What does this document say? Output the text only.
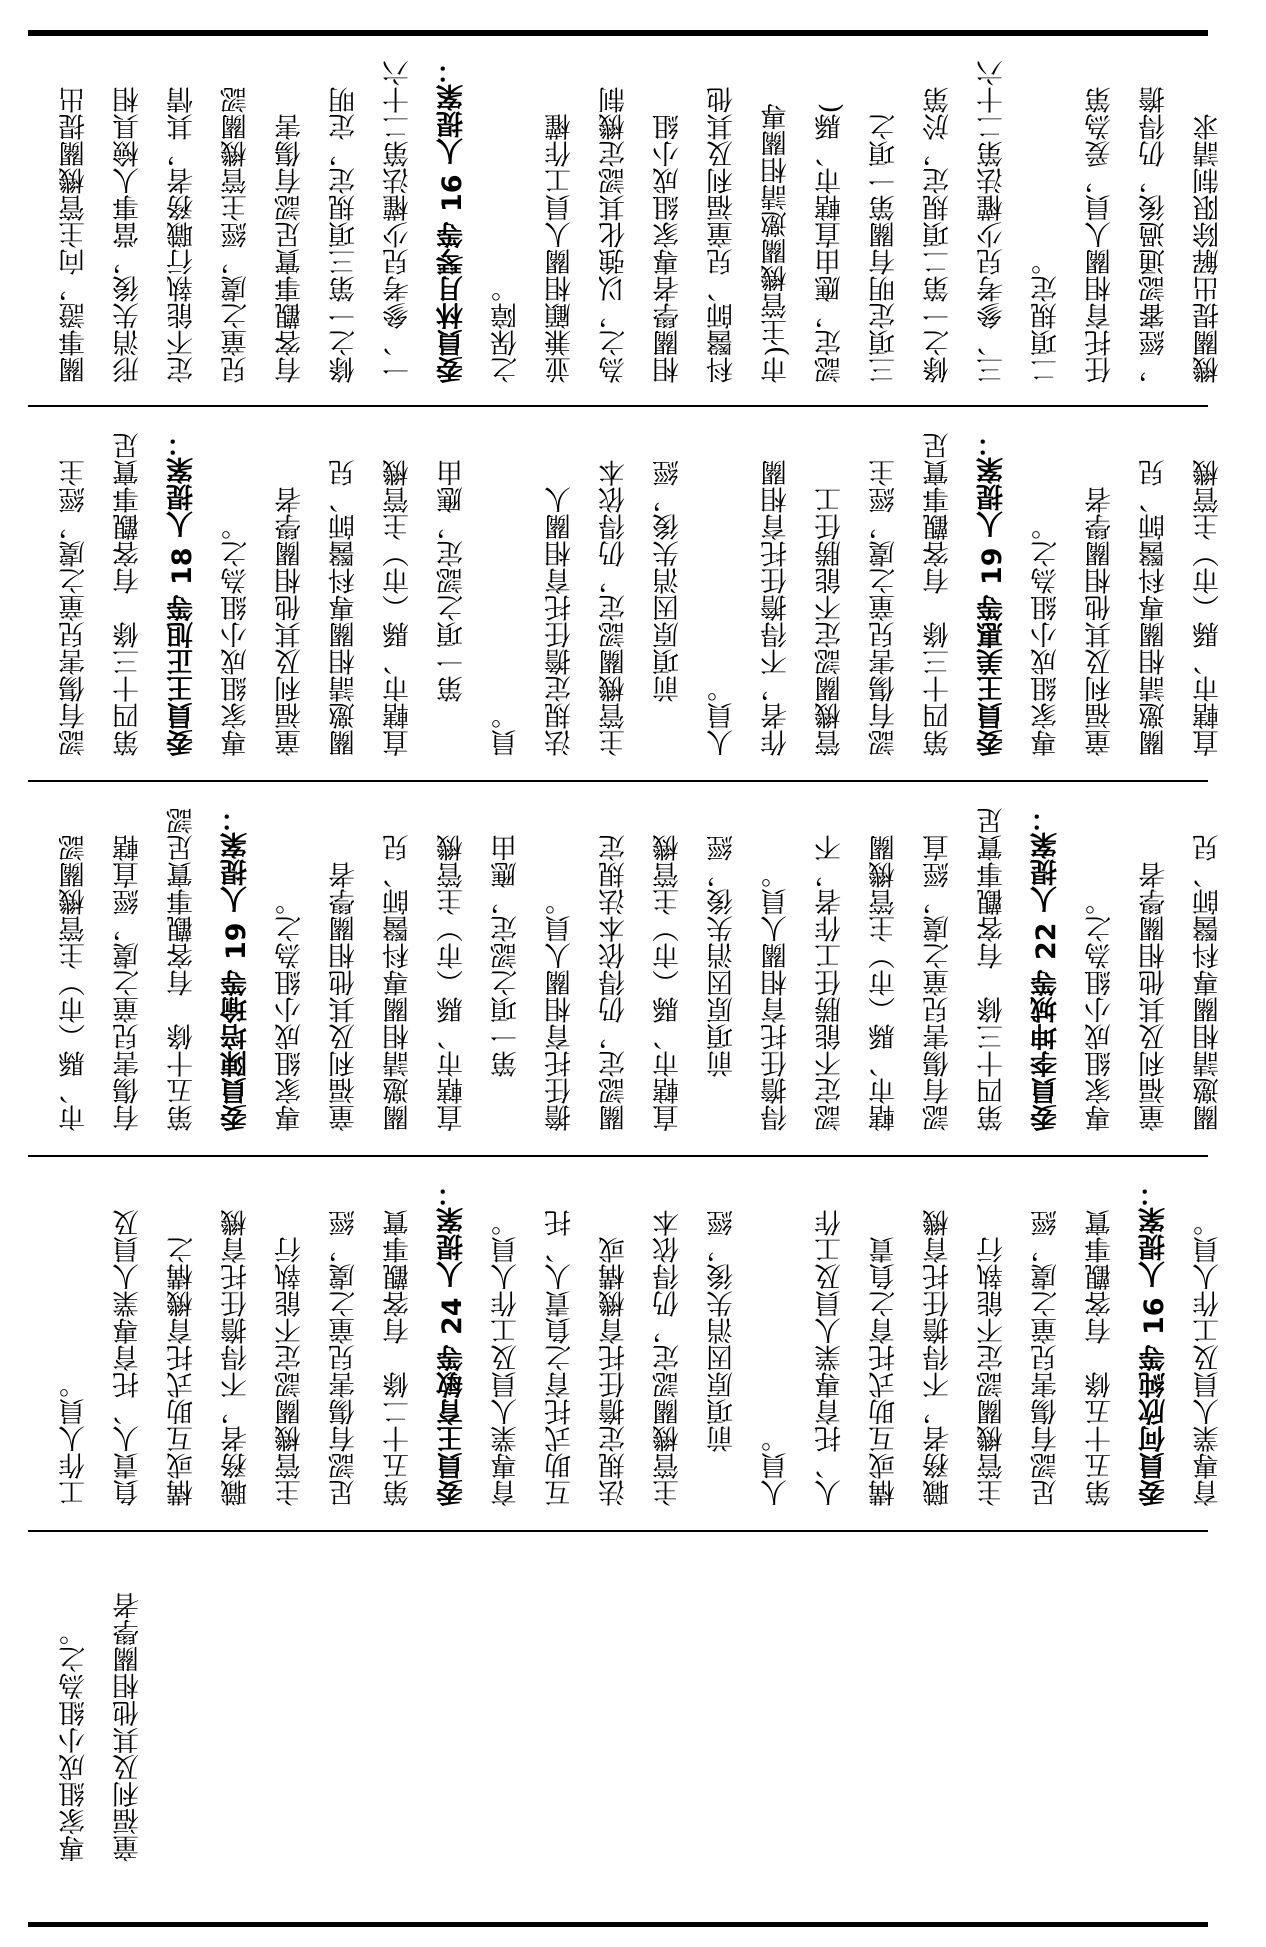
機關提出解除限制請求
，經審認通過後，仍得擔
任托育相關人員，爰為第
二項規定。
三、參考兒少權法第二十六
條之一第二項規定，於第
三項定明有關第一項之
認定，應由直轄市、縣(
市)主管機關邀請相關專
科醫師、兒童福利及其他
相關學者專家組成小組
為之，以強化其認定機制
並兼顧相關人員工作權
之保障。
委員林月琴等 16 人提案：
一、參考兒少權法第二十六
條之一第三項規定，定明
有客觀事實足認有傷害
兒童之虞，經主管機關認
定不能執行職務者，其情
形消失後，當事人檢具相
關事證，向主管機關提出
直轄市、縣（市）主管機
關邀請相關專科醫師、兒
童福利及其他相關學者
專家組成小組為之。
委員王美惠等 19 人提案：
第四十三條　有客觀事實足
認有傷害兒童之虞，經主
管機關認定不能勝任工
作者，不得擔任托育相關
人員。
前項原因消失後，經
主管機關認定，仍得依本
法規定擔任托育相關人
員。
第一項之認定，應由
直轄市、縣（市）主管機
關邀請相關專科醫師、兒
童福利及其他相關學者
專家組成小組為之。
委員王正旭等 18 人提案：
第四十三條　有客觀事實足
認有傷害兒童之虞，經主
關邀請相關專科醫師、兒
童福利及其他相關學者
專家組成小組為之。
委員李坤城等 22 人提案：
第四十三條　有客觀事實足
認有傷害兒童之虞，經直
轄市、縣（市）主管機關
認定不能勝任工作者，不
得擔任托育相關人員。
前項原因消失後，經
直轄市、縣（市）主管機
關認定，仍得依本法規定
擔任托育相關人員。
第一項之認定，應由
直轄市、縣（市）主管機
關邀請相關專科醫師、兒
童福利及其他相關學者
專家組成小組為之。
委員陳培瑜等 19 人提案：
第五十條　有客觀事實足認
有傷害兒童之虞，經直轄
市、縣（市）主管機關認
育專業人員及工作人員。
委員何欣純等 16 人提案：
第五十五條　有客觀事實
足認有傷害兒童之虞，經
主管機關認定不能執行
職務者，不得擔任托育機
構或互助式托育之負責
人、托育專業人員及工作
人員。
前項原因消失後，經
主管機關認定，仍得依本
法規定擔任托育機構或
互助式托育之負責人、托
育專業人員及工作人員。
委員王育敏等 24 人提案：
第五十二條　有客觀事實
足認有傷害兒童之虞，經
主管機關認定不能執行
職務者，不得擔任托育機
構或互助式托育機構之
負責人、托育專業人員及
工作人員。
童福利及其他相關學者
專家組成小組為之。
